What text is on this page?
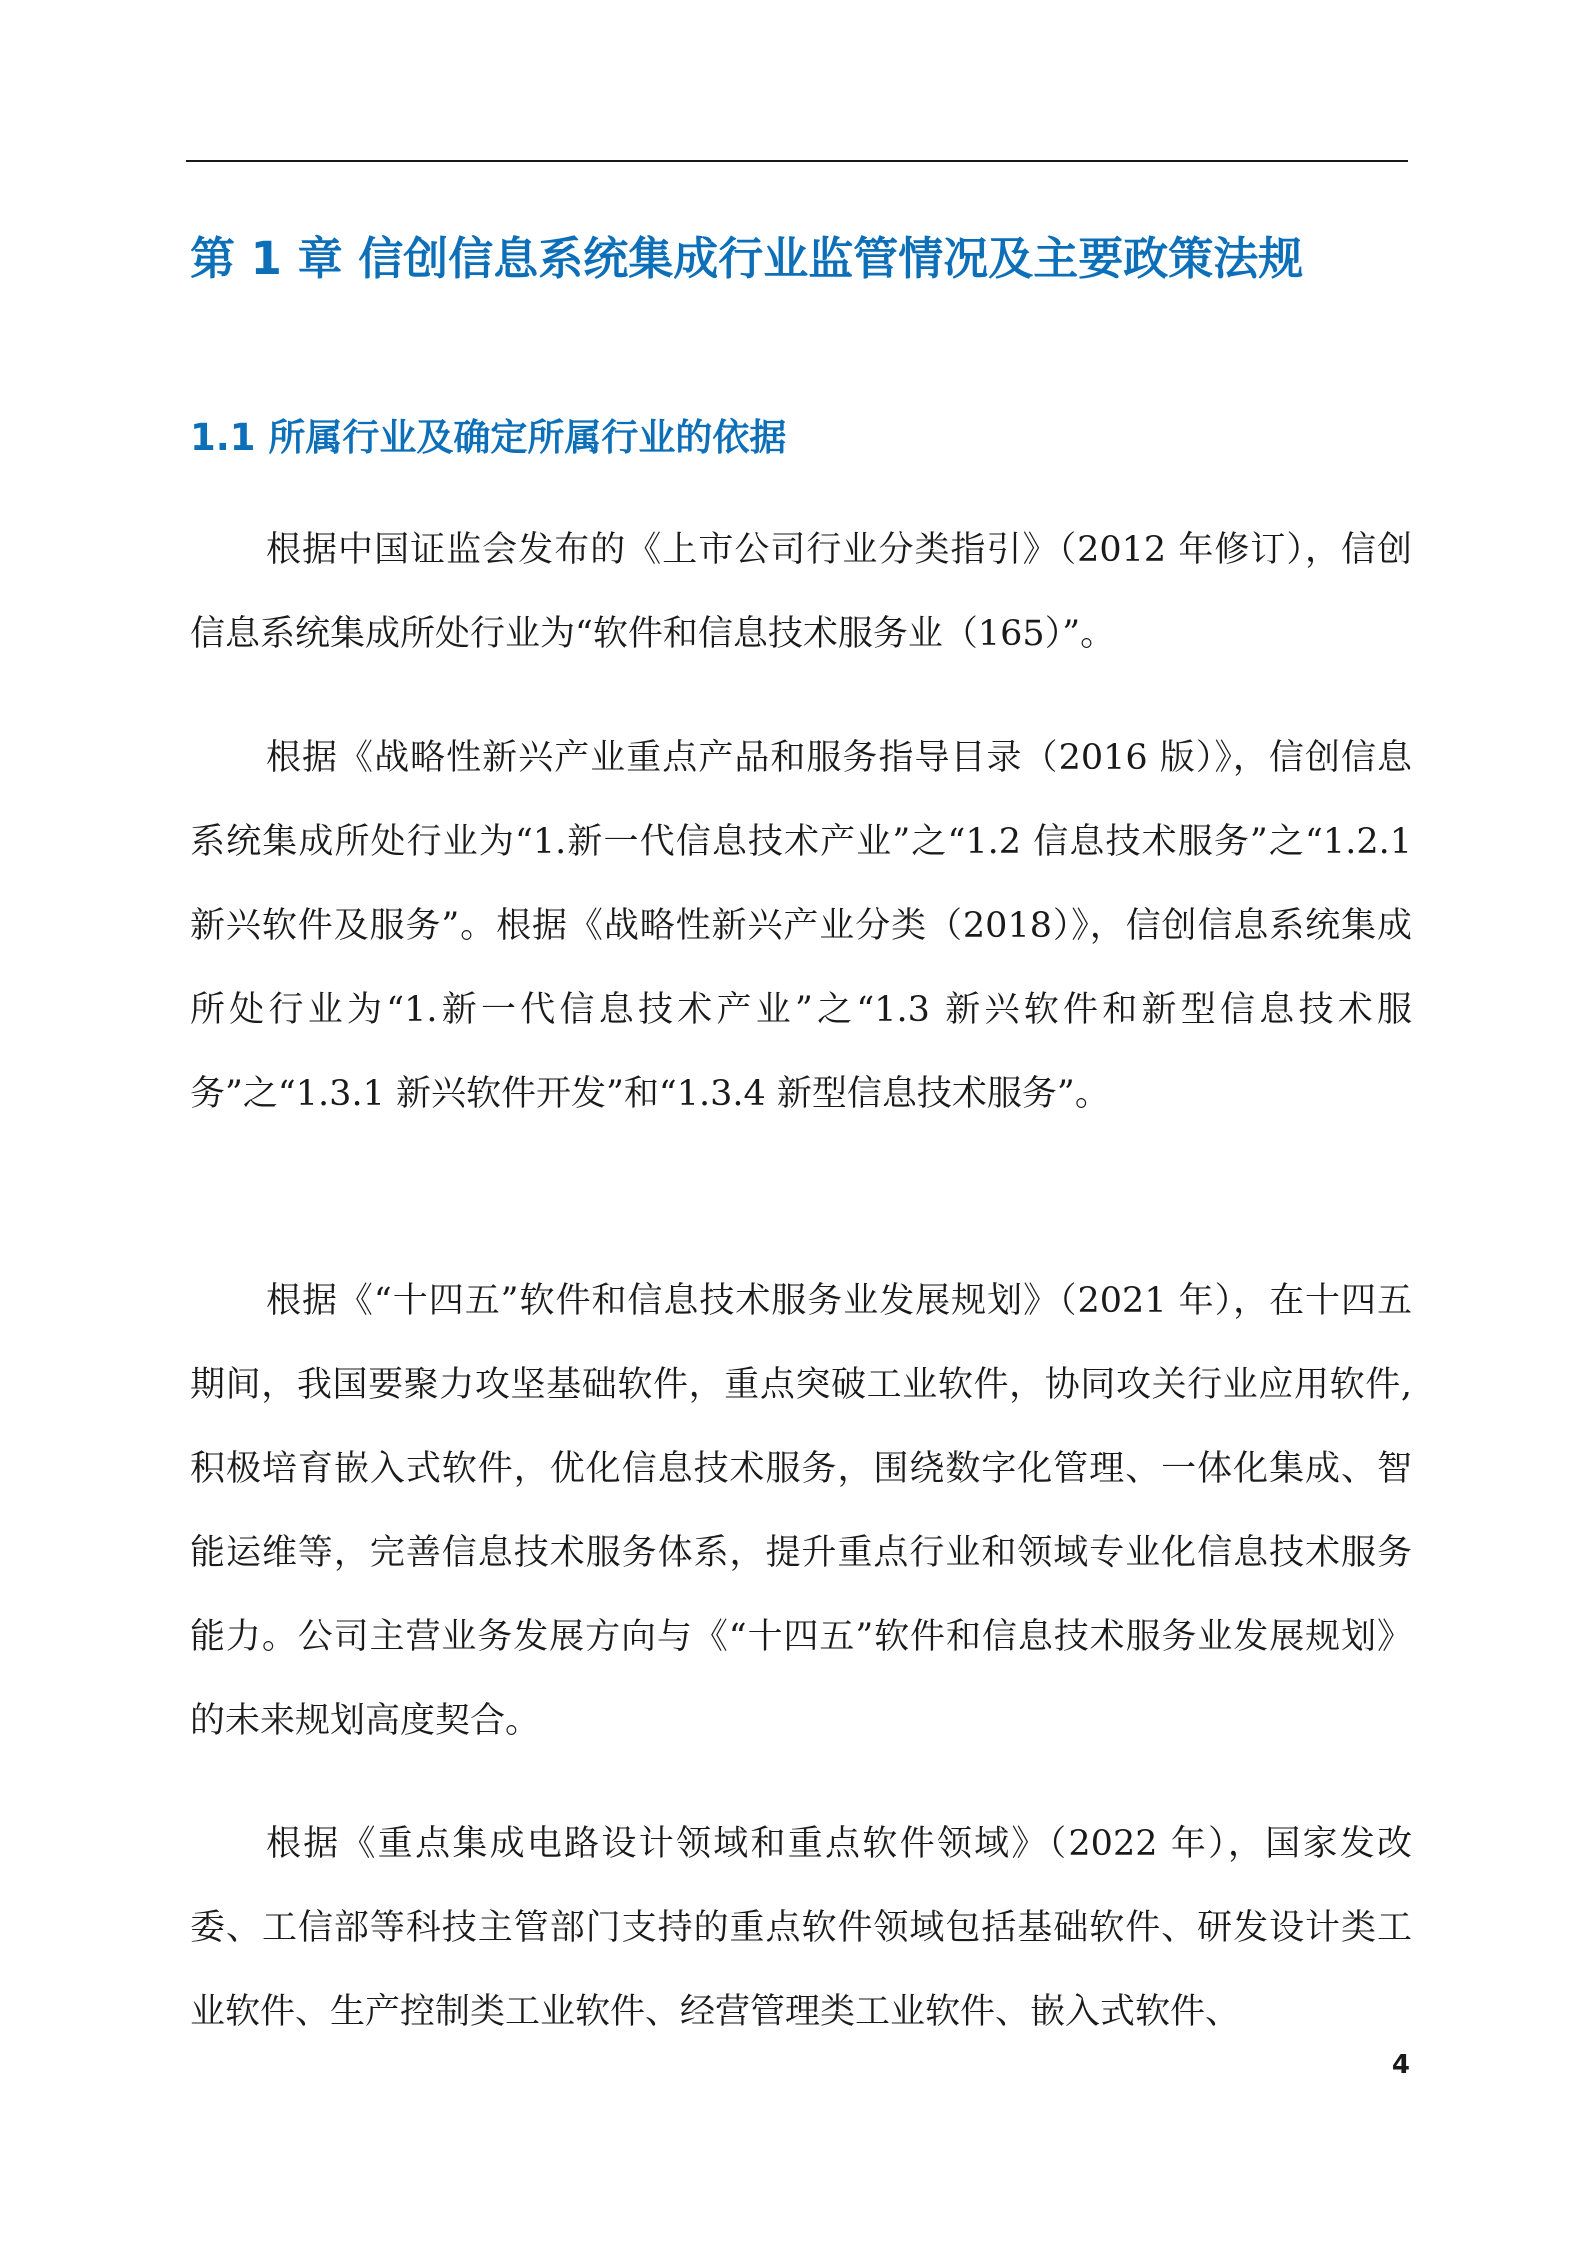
第 1 章 信创信息系统集成行业监管情况及主要政策法规
1.1 所属行业及确定所属行业的依据

根据中国证监会发布的《上市公司行业分类指引》（2012 年修订），信创信息系统集成所处行业为“软件和信息技术服务业（165）”。

根据《战略性新兴产业重点产品和服务指导目录（2016 版）》，信创信息系统集成所处行业为“1.新一代信息技术产业”之“1.2 信息技术服务”之“1.2.1 新兴软件及服务”。根据《战略性新兴产业分类（2018）》，信创信息系统集成所处行业为“1.新一代信息技术产业”之“1.3 新兴软件和新型信息技术服务”之“1.3.1 新兴软件开发”和“1.3.4 新型信息技术服务”。

根据《“十四五”软件和信息技术服务业发展规划》（2021 年），在十四五期间，我国要聚力攻坚基础软件，重点突破工业软件，协同攻关行业应用软件,积极培育嵌入式软件，优化信息技术服务，围绕数字化管理、一体化集成、智能运维等，完善信息技术服务体系，提升重点行业和领域专业化信息技术服务能力。公司主营业务发展方向与《“十四五”软件和信息技术服务业发展规划》的未来规划高度契合。

根据《重点集成电路设计领域和重点软件领域》（2022 年），国家发改委、工信部等科技主管部门支持的重点软件领域包括基础软件、研发设计类工业软件、生产控制类工业软件、经营管理类工业软件、嵌入式软件、

4
